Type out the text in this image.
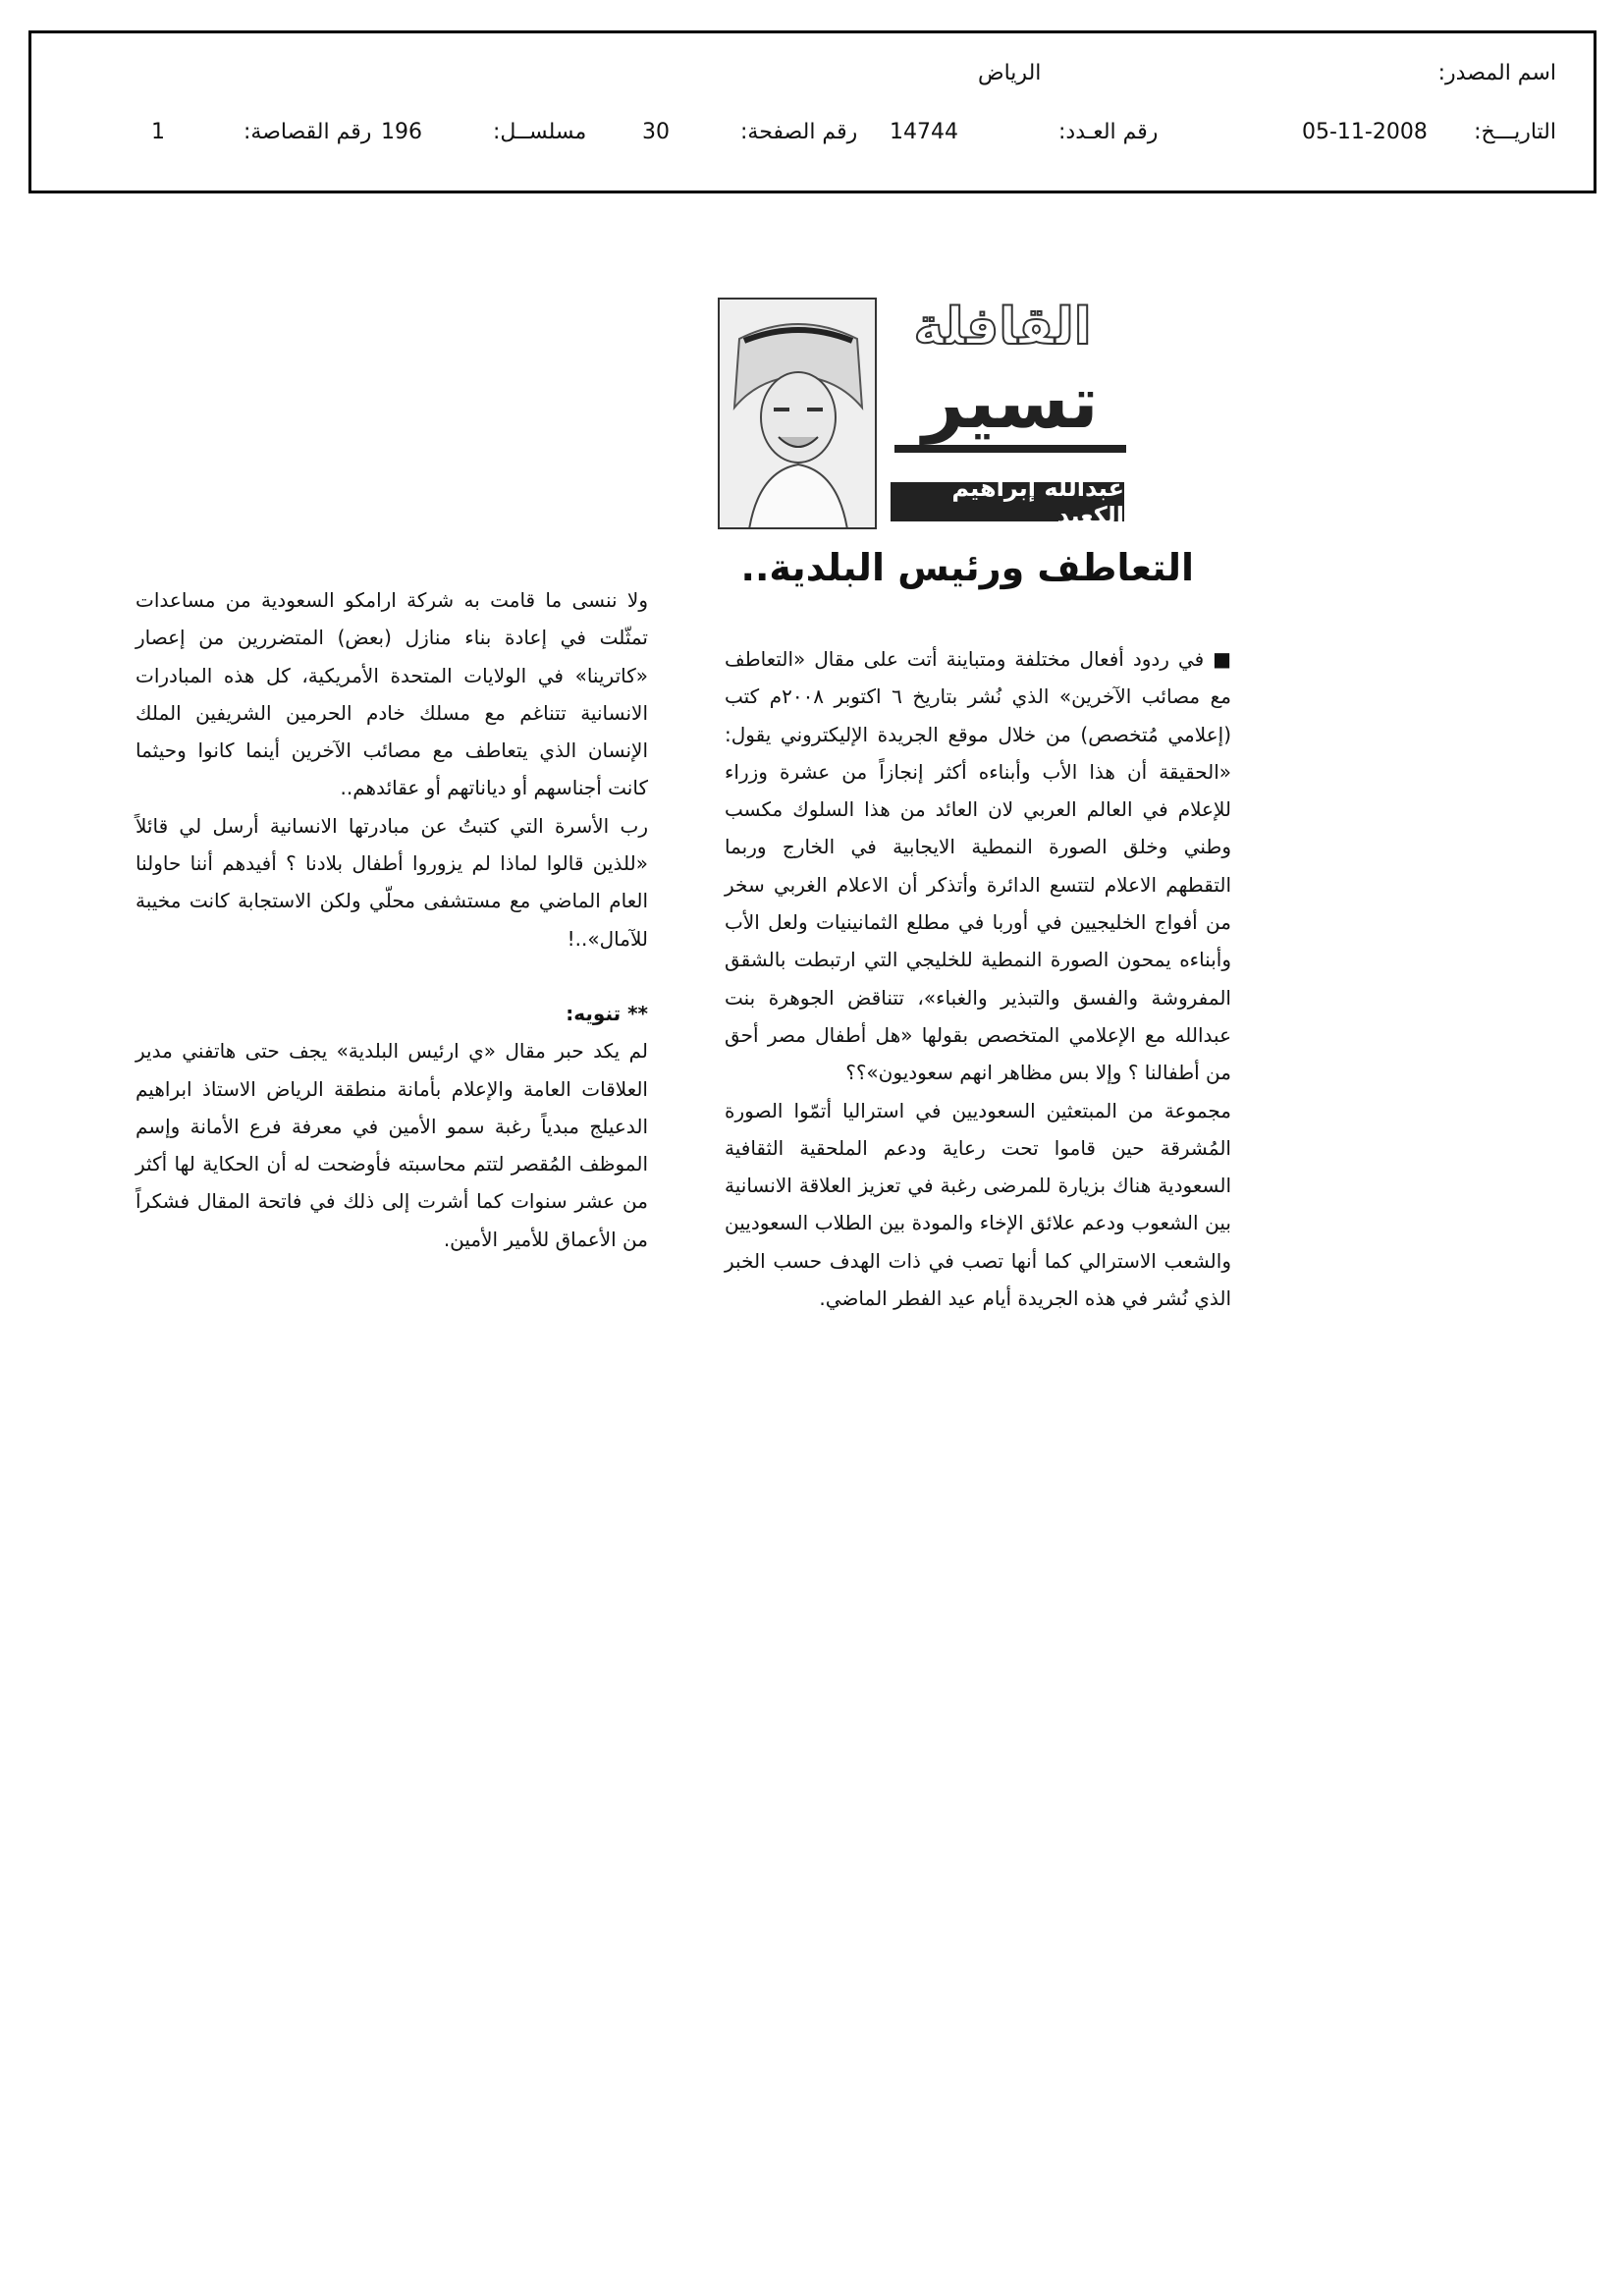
اسم المصدر:
الرياض
التاريـــخ:
05-11-2008
رقم العـدد:
14744
رقم الصفحة:
30
مسلســل:
196
رقم القصاصة:
1
القافلة
تسير
عبدالله إبراهيم الكعيد
التعاطف ورئيس البلدية..

■ في ردود أفعال مختلفة ومتباينة أتت على مقال «التعاطف مع مصائب الآخرين» الذي نُشر بتاريخ ٦ اكتوبر ٢٠٠٨م كتب (إعلامي مُتخصص) من خلال موقع الجريدة الإليكتروني يقول: «الحقيقة أن هذا الأب وأبناءه أكثر إنجازاً من عشرة وزراء للإعلام في العالم العربي لان العائد من هذا السلوك مكسب وطني وخلق الصورة النمطية الايجابية في الخارج وربما التقطهم الاعلام لتتسع الدائرة وأتذكر أن الاعلام الغربي سخر من أفواج الخليجيين في أوربا في مطلع الثمانينيات ولعل الأب وأبناءه يمحون الصورة النمطية للخليجي التي ارتبطت بالشقق المفروشة والفسق والتبذير والغباء»، تتناقض الجوهرة بنت عبدالله مع الإعلامي المتخصص بقولها «هل أطفال مصر أحق من أطفالنا ؟ وإلا بس مظاهر انهم سعوديون»؟؟

مجموعة من المبتعثين السعوديين في استراليا أتمّوا الصورة المُشرقة حين قاموا تحت رعاية ودعم الملحقية الثقافية السعودية هناك بزيارة للمرضى رغبة في تعزيز العلاقة الانسانية بين الشعوب ودعم علائق الإخاء والمودة بين الطلاب السعوديين والشعب الاسترالي كما أنها تصب في ذات الهدف حسب الخبر الذي نُشر في هذه الجريدة أيام عيد الفطر الماضي.

ولا ننسى ما قامت به شركة ارامكو السعودية من مساعدات تمثّلت في إعادة بناء منازل (بعض) المتضررين من إعصار «كاترينا» في الولايات المتحدة الأمريكية، كل هذه المبادرات الانسانية تتناغم مع مسلك خادم الحرمين الشريفين الملك الإنسان الذي يتعاطف مع مصائب الآخرين أينما كانوا وحيثما كانت أجناسهم أو دياناتهم أو عقائدهم..

رب الأسرة التي كتبتُ عن مبادرتها الانسانية أرسل لي قائلاً «للذين قالوا لماذا لم يزوروا أطفال بلادنا ؟ أفيدهم أننا حاولنا العام الماضي مع مستشفى محلّي ولكن الاستجابة كانت مخيبة للآمال»..!

** تنويه:

لم يكد حبر مقال «ي ارئيس البلدية» يجف حتى هاتفني مدير العلاقات العامة والإعلام بأمانة منطقة الرياض الاستاذ ابراهيم الدعيلج مبدياً رغبة سمو الأمين في معرفة فرع الأمانة وإسم الموظف المُقصر لتتم محاسبته فأوضحت له أن الحكاية لها أكثر من عشر سنوات كما أشرت إلى ذلك في فاتحة المقال فشكراً من الأعماق للأمير الأمين.
